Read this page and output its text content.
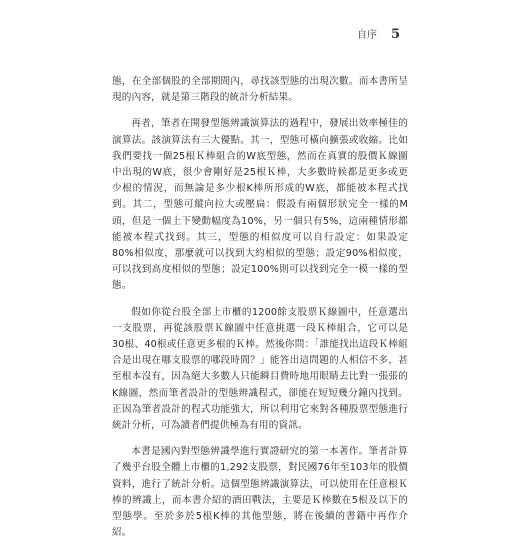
自序 5

態，在全部個股的全部期間內，尋找該型態的出現次數。而本書所呈現的內容，就是第三階段的統計分析結果。

再者，筆者在開發型態辨識演算法的過程中，發展出效率極佳的演算法。該演算法有三大優點。其一，型態可橫向擴張或收縮。比如我們要找一個25根Ｋ棒組合的W底型態，然而在真實的股價Ｋ線圖中出現的W底，很少會剛好是25根Ｋ棒，大多數時候都是更多或更少根的情況，而無論是多少根K棒所形成的W底，都能被本程式找到。其二，型態可縱向拉大或壓扁：假設有兩個形狀完全一樣的M頭，但是一個上下變動幅度為10%，另一個只有5%，這兩種情形都能被本程式找到。其三，型態的相似度可以自行設定：如果設定80%相似度，那麼就可以找到大約相似的型態；設定90%相似度，可以找到高度相似的型態；設定100%則可以找到完全一模一樣的型態。

假如你從台股全部上市櫃的1200餘支股票Ｋ線圖中，任意選出一支股票，再從該股票Ｋ線圖中任意挑選一段Ｋ棒組合，它可以是30根、40根或任意更多根的Ｋ棒。然後你問：「誰能找出這段Ｋ棒組合是出現在哪支股票的哪段時間？」能答出這問題的人相信不多，甚至根本沒有，因為絕大多數人只能瞬目費時地用眼睛去比對一張張的K線圖，然而筆者設計的型態辨識程式，卻能在短短幾分鐘內找到。正因為筆者設計的程式功能強大，所以利用它來對各種股票型態進行統計分析，可為讀者們提供極為有用的資訊。

本書是國內對型態辨識學進行實證研究的第一本著作。筆者計算了幾乎台股全體上市櫃的1,292支股票，對民國76年至103年的股價資料，進行了統計分析。這個型態辨識演算法，可以使用在任意根Ｋ棒的辨識上，而本書介紹的酒田戰法，主要是Ｋ棒數在5根及以下的型態學。至於多於5根K棒的其他型態，將在後續的書籍中再作介紹。
